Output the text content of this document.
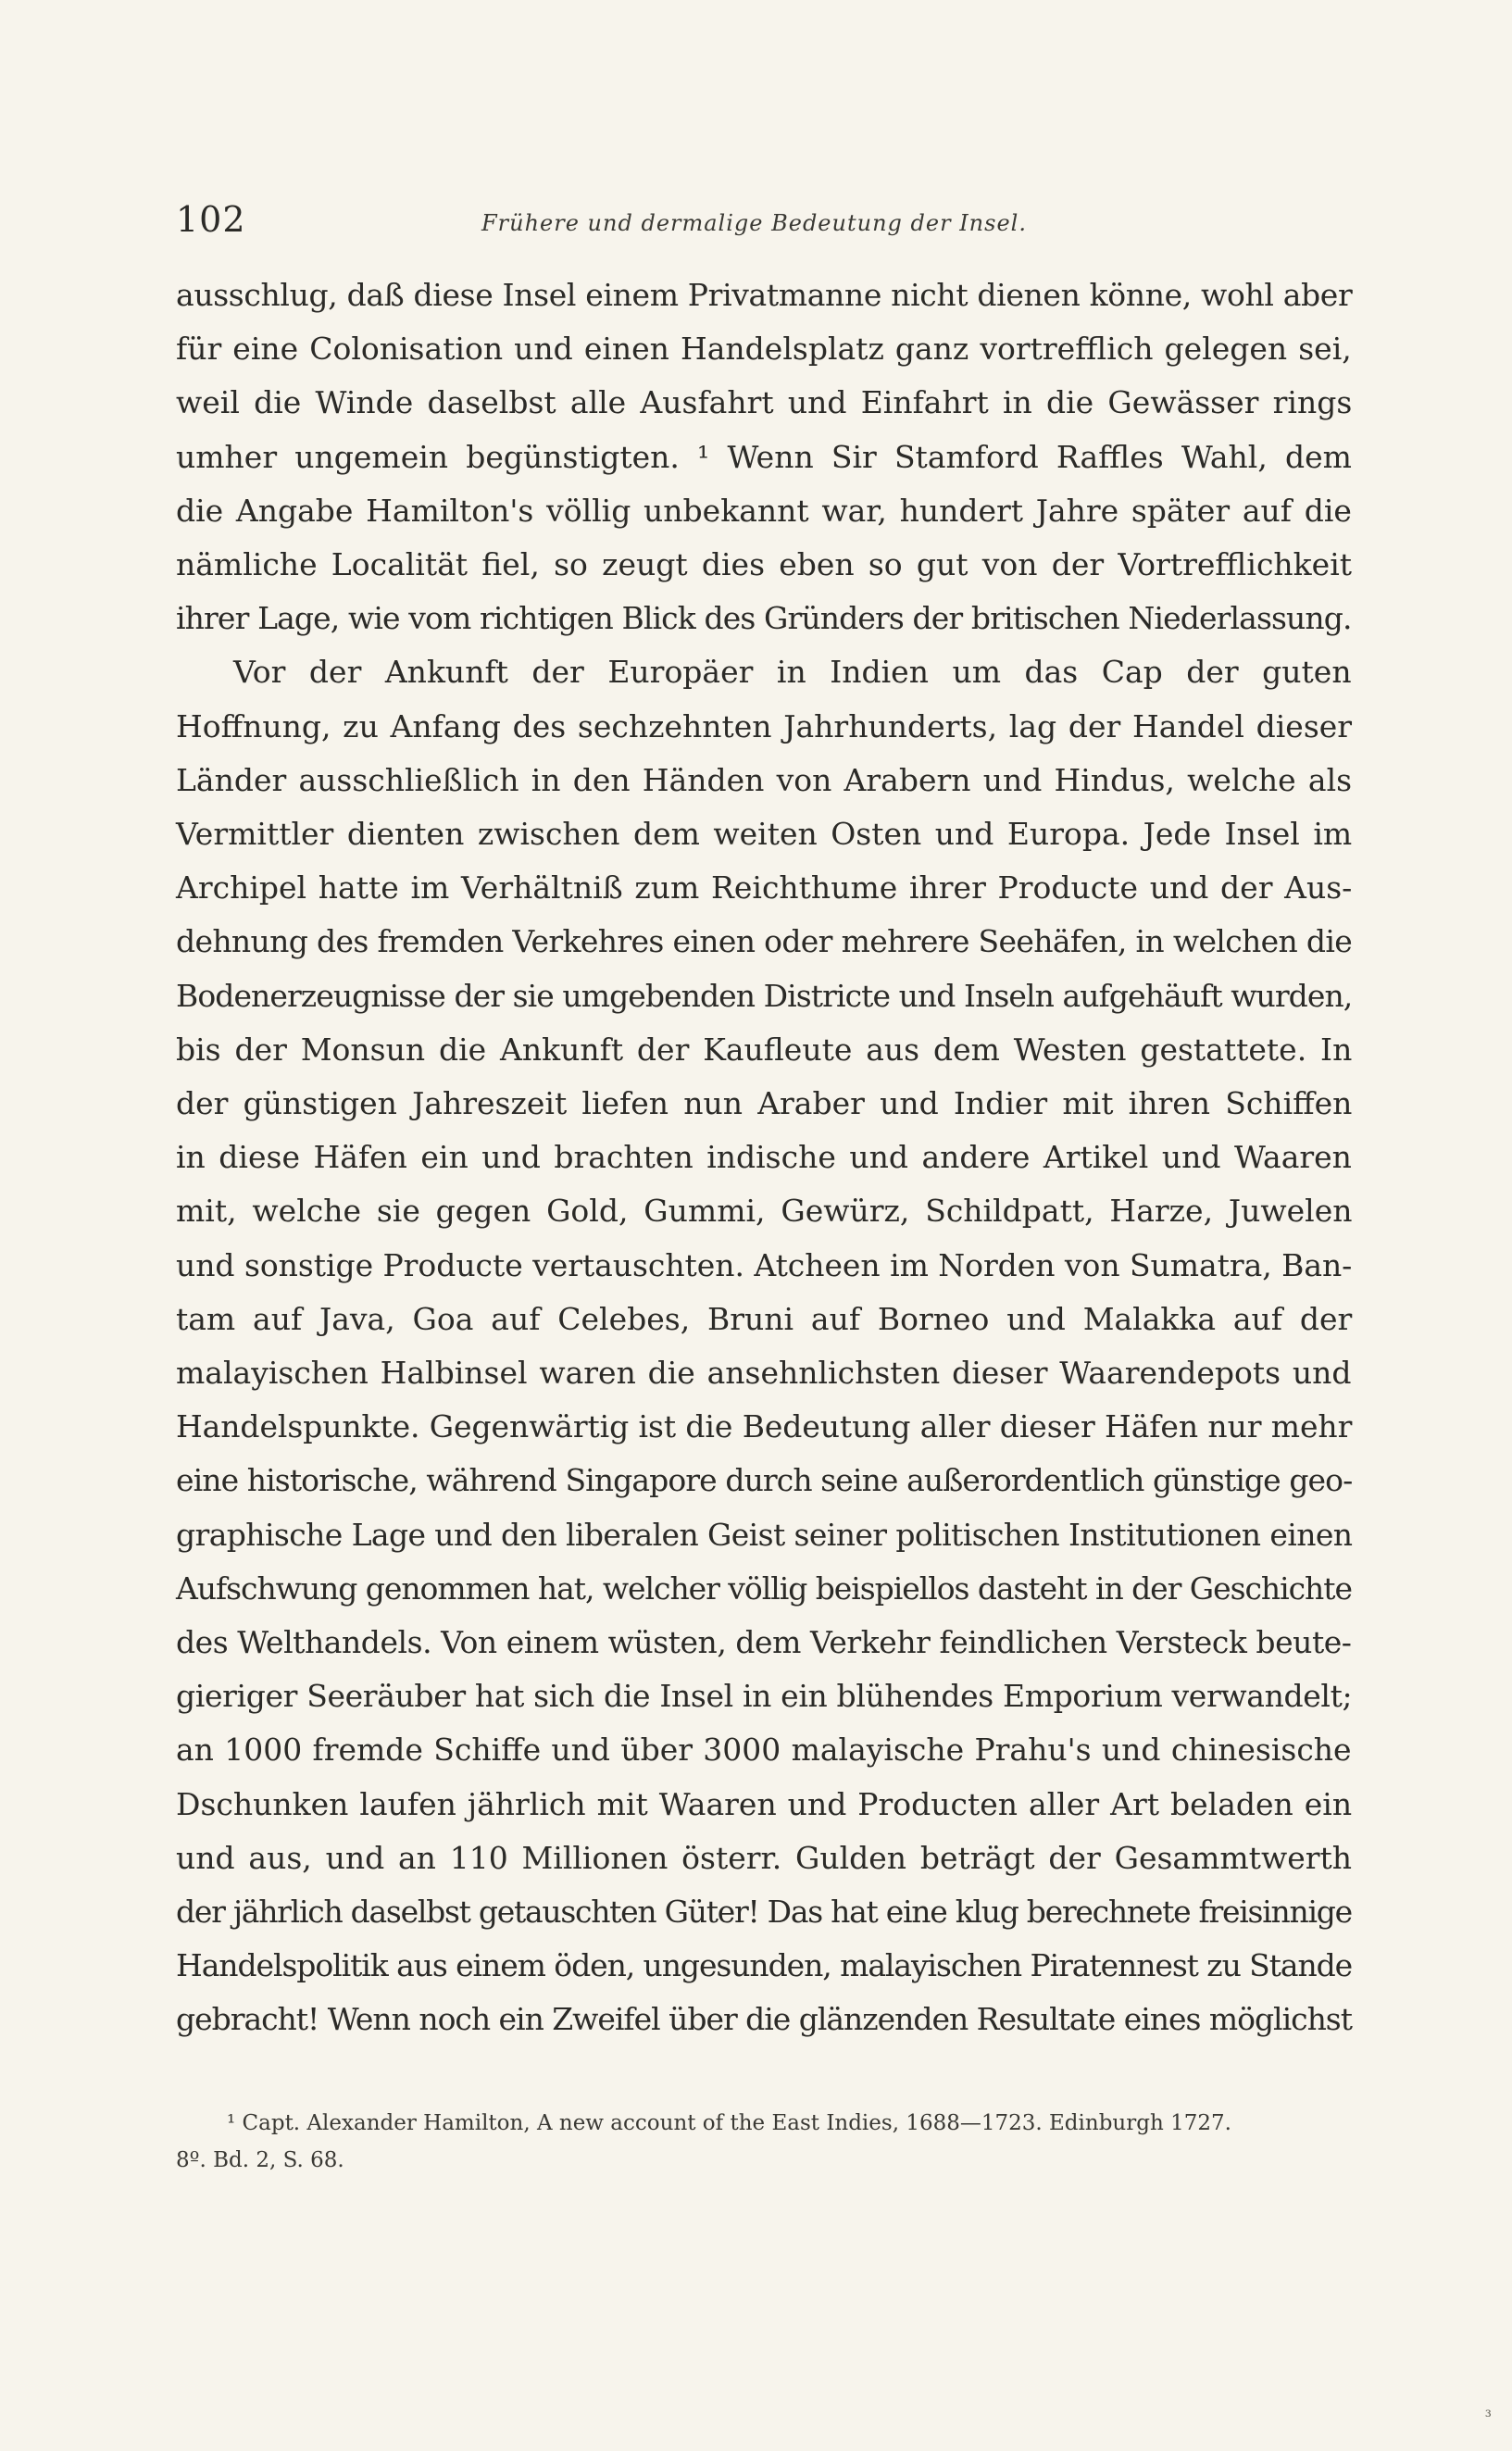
102	Frühere und dermalige Bedeutung der Insel.
ausschlug, daß diese Insel einem Privatmanne nicht dienen könne, wohl aber
für eine Colonisation und einen Handelsplatz ganz vortrefflich gelegen sei,
weil die Winde daselbst alle Ausfahrt und Einfahrt in die Gewässer rings
umher ungemein begünstigten. ¹ Wenn Sir Stamford Raffles Wahl, dem
die Angabe Hamilton's völlig unbekannt war, hundert Jahre später auf die
nämliche Localität fiel, so zeugt dies eben so gut von der Vortrefflichkeit
ihrer Lage, wie vom richtigen Blick des Gründers der britischen Niederlassung.
Vor der Ankunft der Europäer in Indien um das Cap der guten
Hoffnung, zu Anfang des sechzehnten Jahrhunderts, lag der Handel dieser
Länder ausschließlich in den Händen von Arabern und Hindus, welche als
Vermittler dienten zwischen dem weiten Osten und Europa. Jede Insel im
Archipel hatte im Verhältniß zum Reichthume ihrer Producte und der Aus-
dehnung des fremden Verkehres einen oder mehrere Seehäfen, in welchen die
Bodenerzeugnisse der sie umgebenden Districte und Inseln aufgehäuft wurden,
bis der Monsun die Ankunft der Kaufleute aus dem Westen gestattete. In
der günstigen Jahreszeit liefen nun Araber und Indier mit ihren Schiffen
in diese Häfen ein und brachten indische und andere Artikel und Waaren
mit, welche sie gegen Gold, Gummi, Gewürz, Schildpatt, Harze, Juwelen
und sonstige Producte vertauschten. Atcheen im Norden von Sumatra, Ban-
tam auf Java, Goa auf Celebes, Bruni auf Borneo und Malakka auf der
malayischen Halbinsel waren die ansehnlichsten dieser Waarendepots und
Handelspunkte. Gegenwärtig ist die Bedeutung aller dieser Häfen nur mehr
eine historische, während Singapore durch seine außerordentlich günstige geo-
graphische Lage und den liberalen Geist seiner politischen Institutionen einen
Aufschwung genommen hat, welcher völlig beispiellos dasteht in der Geschichte
des Welthandels. Von einem wüsten, dem Verkehr feindlichen Versteck beute-
gieriger Seeräuber hat sich die Insel in ein blühendes Emporium verwandelt;
an 1000 fremde Schiffe und über 3000 malayische Prahu's und chinesische
Dschunken laufen jährlich mit Waaren und Producten aller Art beladen ein
und aus, und an 110 Millionen österr. Gulden beträgt der Gesammtwerth
der jährlich daselbst getauschten Güter! Das hat eine klug berechnete freisinnige
Handelspolitik aus einem öden, ungesunden, malayischen Piratennest zu Stande
gebracht! Wenn noch ein Zweifel über die glänzenden Resultate eines möglichst
¹ Capt. Alexander Hamilton, A new account of the East Indies, 1688—1723. Edinburgh 1727.
8º. Bd. 2, S. 68.
³
